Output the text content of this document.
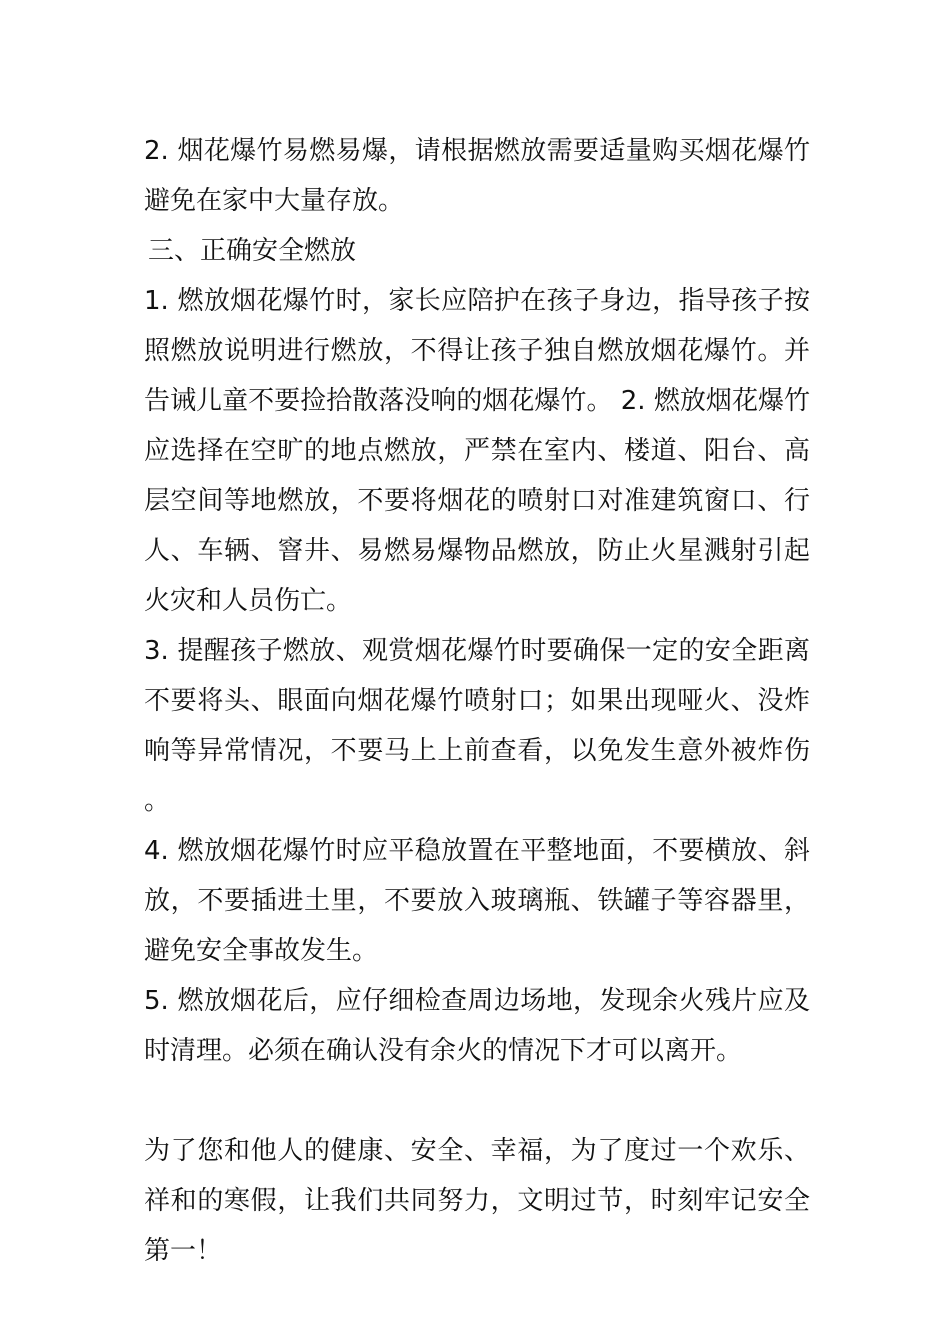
2. 烟花爆竹易燃易爆，请根据燃放需要适量购买烟花爆竹避免在家中大量存放。

三、正确安全燃放

1. 燃放烟花爆竹时，家长应陪护在孩子身边，指导孩子按照燃放说明进行燃放，不得让孩子独自燃放烟花爆竹。并告诫儿童不要捡拾散落没响的烟花爆竹。 2. 燃放烟花爆竹应选择在空旷的地点燃放，严禁在室内、楼道、阳台、高层空间等地燃放，不要将烟花的喷射口对准建筑窗口、行人、车辆、窨井、易燃易爆物品燃放，防止火星溅射引起火灾和人员伤亡。

3. 提醒孩子燃放、观赏烟花爆竹时要确保一定的安全距离不要将头、眼面向烟花爆竹喷射口；如果出现哑火、没炸响等异常情况，不要马上上前查看，以免发生意外被炸伤。

4. 燃放烟花爆竹时应平稳放置在平整地面，不要横放、斜放，不要插进土里，不要放入玻璃瓶、铁罐子等容器里，避免安全事故发生。

5. 燃放烟花后，应仔细检查周边场地，发现余火残片应及时清理。必须在确认没有余火的情况下才可以离开。

为了您和他人的健康、安全、幸福，为了度过一个欢乐、祥和的寒假，让我们共同努力，文明过节，时刻牢记安全第一！
